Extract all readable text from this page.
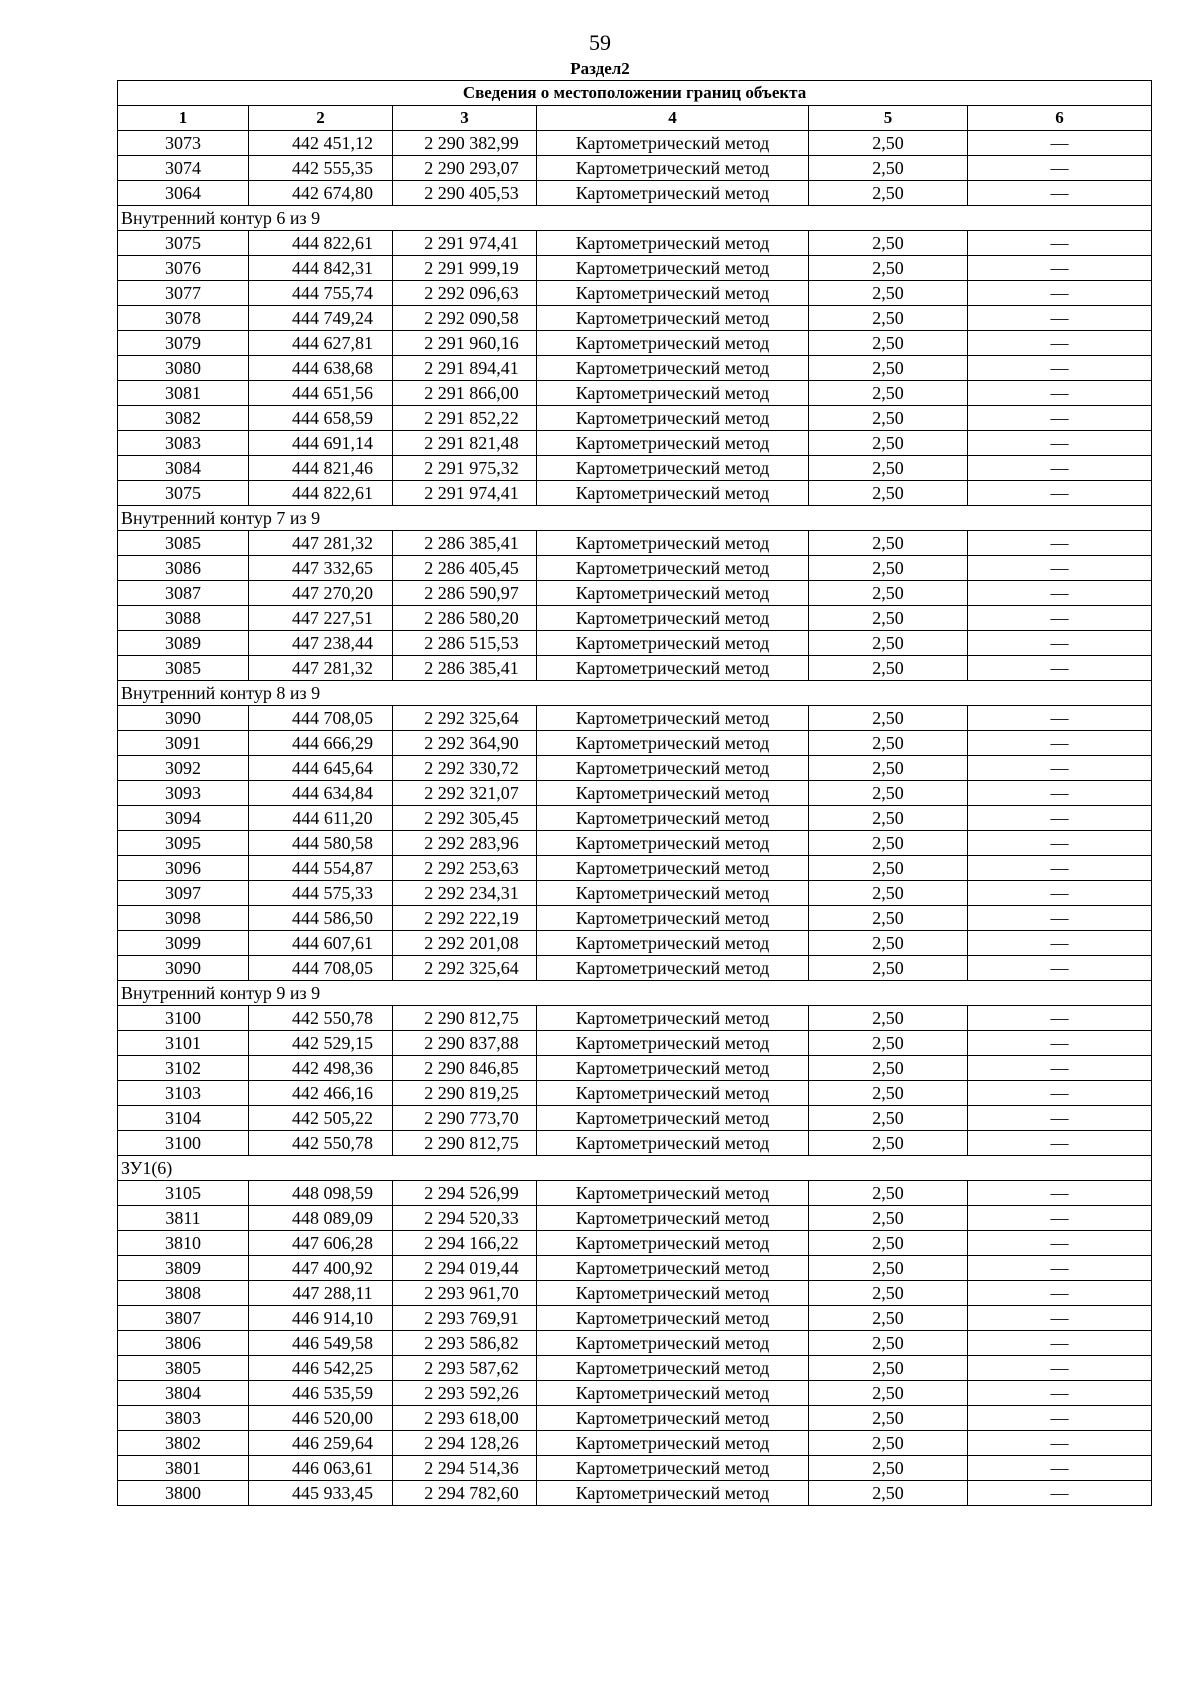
59
Раздел2
Сведения о местоположении границ объекта					
1	2	3	4	5	6
3073	442 451,12	2 290 382,99	Картометрический метод	2,50	—
3074	442 555,35	2 290 293,07	Картометрический метод	2,50	—
3064	442 674,80	2 290 405,53	Картометрический метод	2,50	—
Внутренний контур 6 из 9					
3075	444 822,61	2 291 974,41	Картометрический метод	2,50	—
3076	444 842,31	2 291 999,19	Картометрический метод	2,50	—
3077	444 755,74	2 292 096,63	Картометрический метод	2,50	—
3078	444 749,24	2 292 090,58	Картометрический метод	2,50	—
3079	444 627,81	2 291 960,16	Картометрический метод	2,50	—
3080	444 638,68	2 291 894,41	Картометрический метод	2,50	—
3081	444 651,56	2 291 866,00	Картометрический метод	2,50	—
3082	444 658,59	2 291 852,22	Картометрический метод	2,50	—
3083	444 691,14	2 291 821,48	Картометрический метод	2,50	—
3084	444 821,46	2 291 975,32	Картометрический метод	2,50	—
3075	444 822,61	2 291 974,41	Картометрический метод	2,50	—
Внутренний контур 7 из 9					
3085	447 281,32	2 286 385,41	Картометрический метод	2,50	—
3086	447 332,65	2 286 405,45	Картометрический метод	2,50	—
3087	447 270,20	2 286 590,97	Картометрический метод	2,50	—
3088	447 227,51	2 286 580,20	Картометрический метод	2,50	—
3089	447 238,44	2 286 515,53	Картометрический метод	2,50	—
3085	447 281,32	2 286 385,41	Картометрический метод	2,50	—
Внутренний контур 8 из 9					
3090	444 708,05	2 292 325,64	Картометрический метод	2,50	—
3091	444 666,29	2 292 364,90	Картометрический метод	2,50	—
3092	444 645,64	2 292 330,72	Картометрический метод	2,50	—
3093	444 634,84	2 292 321,07	Картометрический метод	2,50	—
3094	444 611,20	2 292 305,45	Картометрический метод	2,50	—
3095	444 580,58	2 292 283,96	Картометрический метод	2,50	—
3096	444 554,87	2 292 253,63	Картометрический метод	2,50	—
3097	444 575,33	2 292 234,31	Картометрический метод	2,50	—
3098	444 586,50	2 292 222,19	Картометрический метод	2,50	—
3099	444 607,61	2 292 201,08	Картометрический метод	2,50	—
3090	444 708,05	2 292 325,64	Картометрический метод	2,50	—
Внутренний контур 9 из 9					
3100	442 550,78	2 290 812,75	Картометрический метод	2,50	—
3101	442 529,15	2 290 837,88	Картометрический метод	2,50	—
3102	442 498,36	2 290 846,85	Картометрический метод	2,50	—
3103	442 466,16	2 290 819,25	Картометрический метод	2,50	—
3104	442 505,22	2 290 773,70	Картометрический метод	2,50	—
3100	442 550,78	2 290 812,75	Картометрический метод	2,50	—
ЗУ1(6)					
3105	448 098,59	2 294 526,99	Картометрический метод	2,50	—
3811	448 089,09	2 294 520,33	Картометрический метод	2,50	—
3810	447 606,28	2 294 166,22	Картометрический метод	2,50	—
3809	447 400,92	2 294 019,44	Картометрический метод	2,50	—
3808	447 288,11	2 293 961,70	Картометрический метод	2,50	—
3807	446 914,10	2 293 769,91	Картометрический метод	2,50	—
3806	446 549,58	2 293 586,82	Картометрический метод	2,50	—
3805	446 542,25	2 293 587,62	Картометрический метод	2,50	—
3804	446 535,59	2 293 592,26	Картометрический метод	2,50	—
3803	446 520,00	2 293 618,00	Картометрический метод	2,50	—
3802	446 259,64	2 294 128,26	Картометрический метод	2,50	—
3801	446 063,61	2 294 514,36	Картометрический метод	2,50	—
3800	445 933,45	2 294 782,60	Картометрический метод	2,50	—
